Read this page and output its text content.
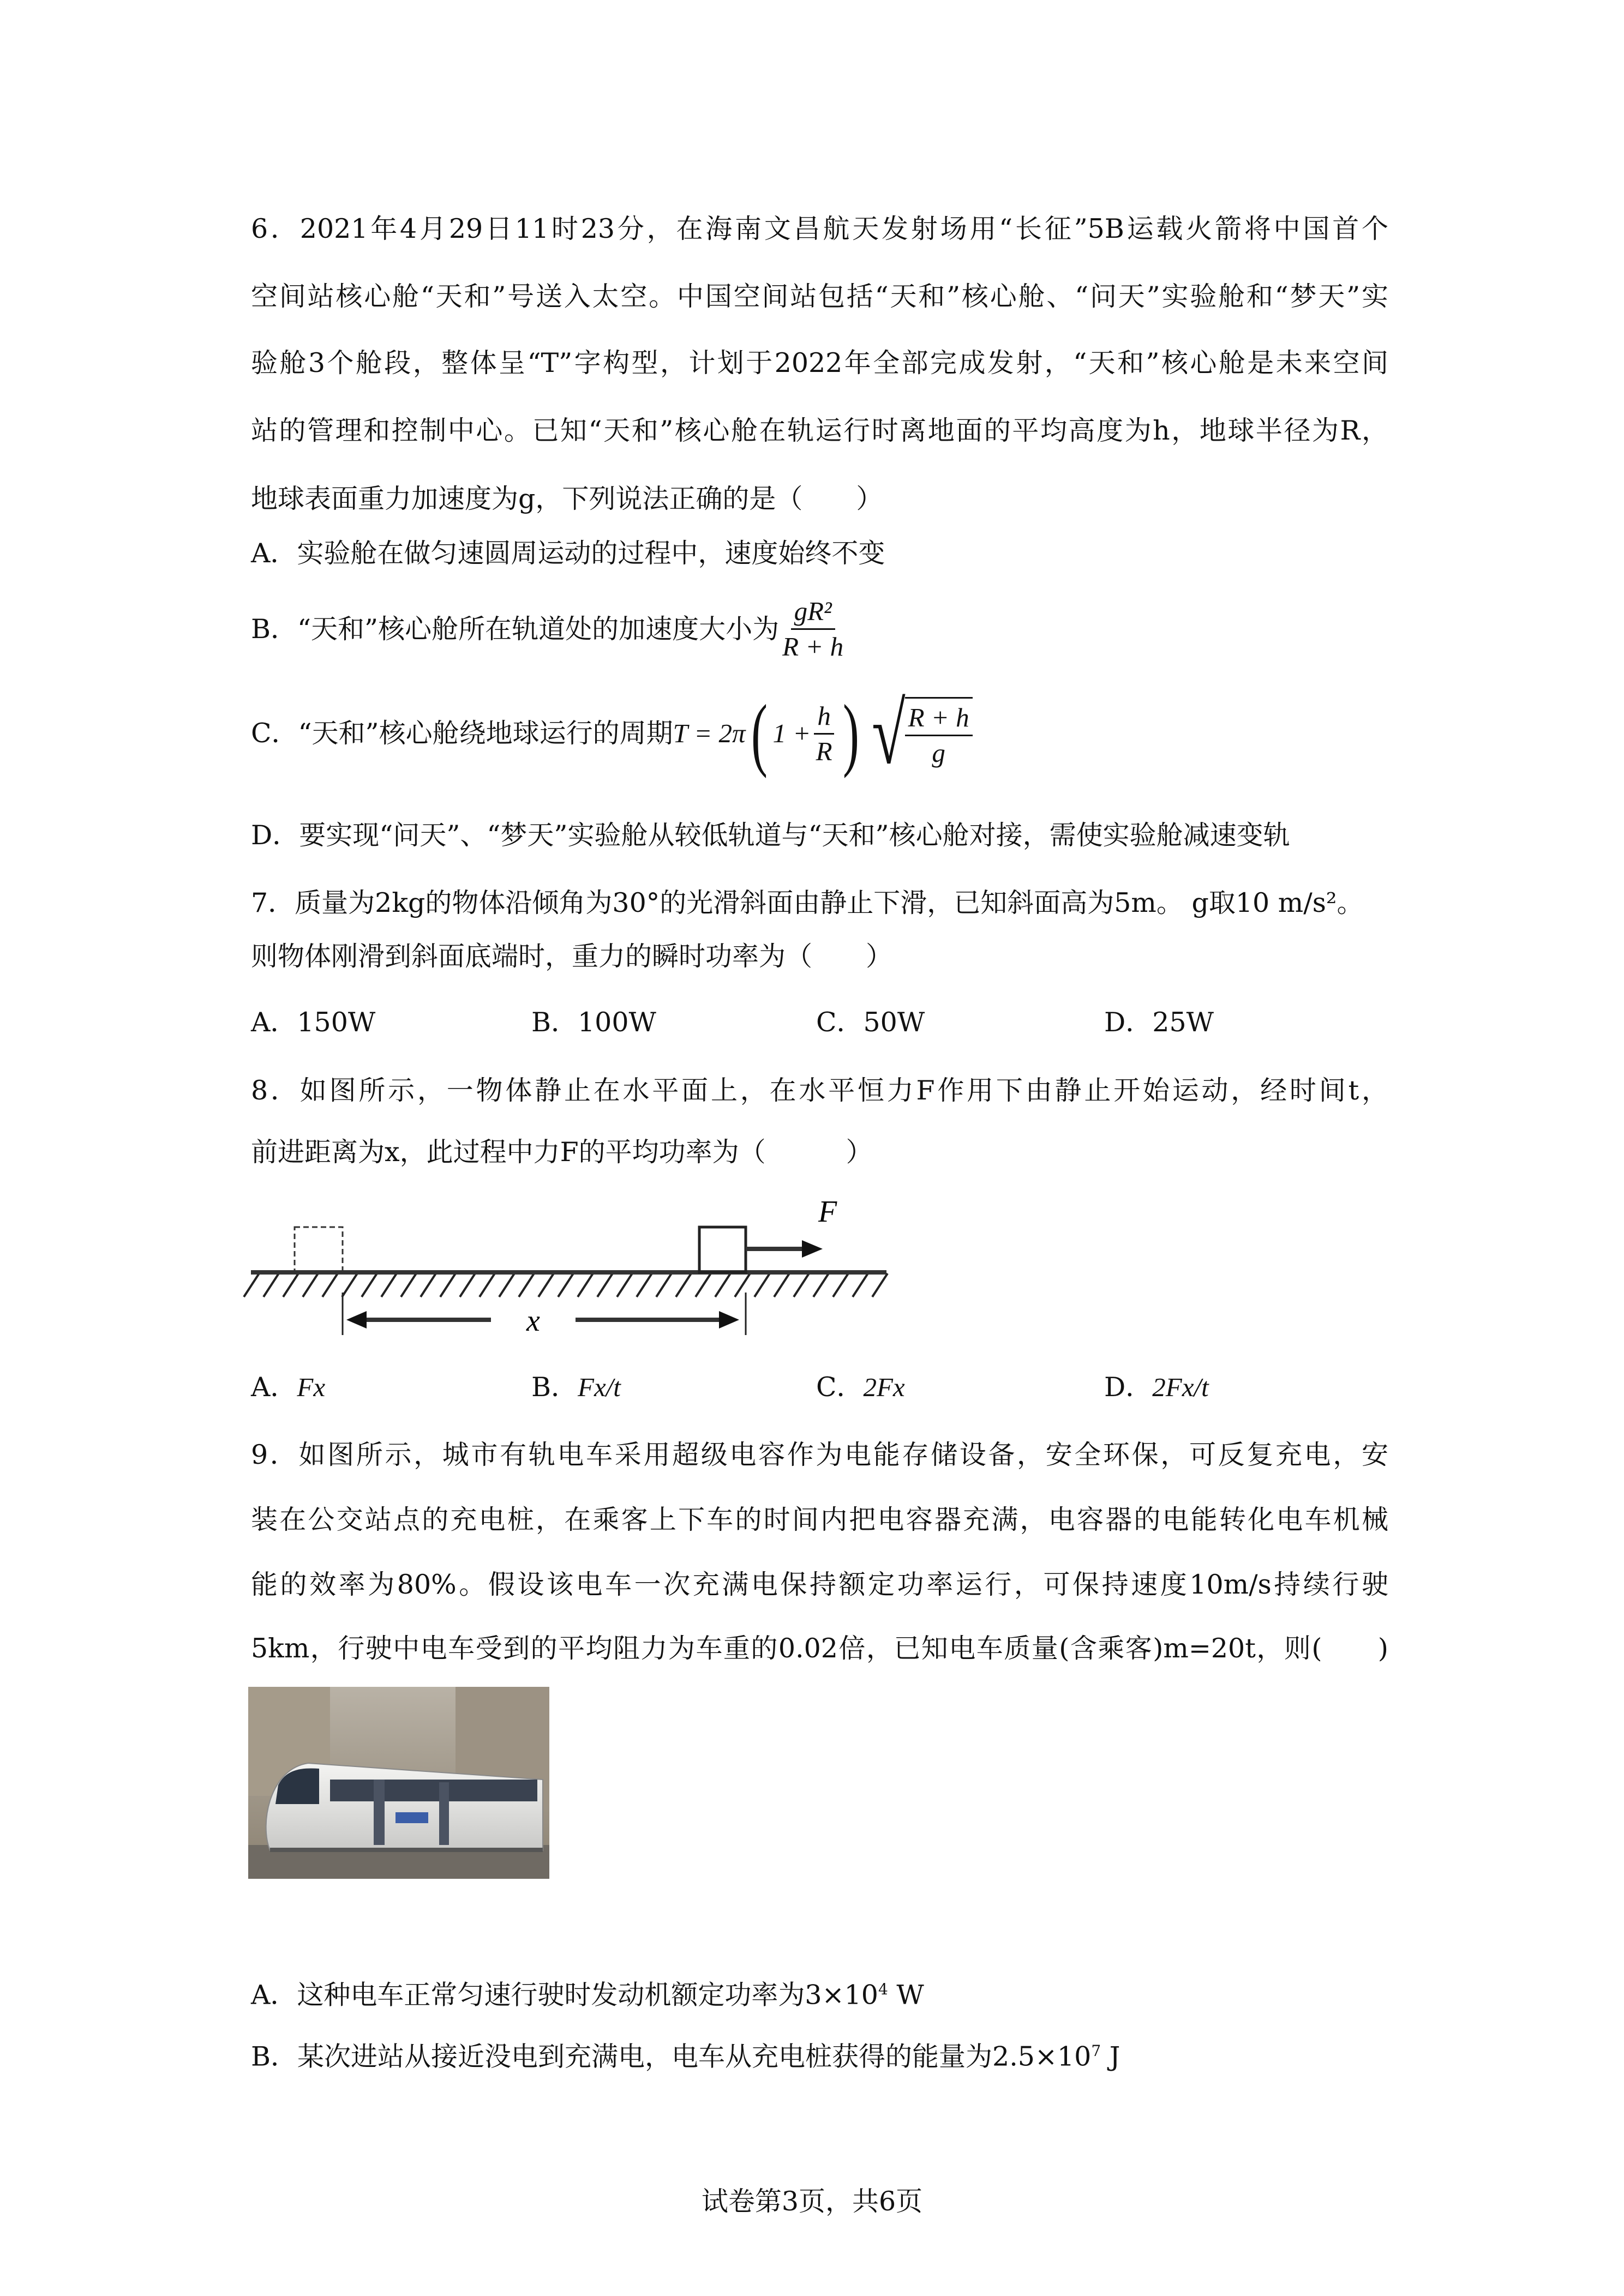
6．2021年4月29日11时23分，在海南文昌航天发射场用“长征”5B运载火箭将中国首个
空间站核心舱“天和”号送入太空。中国空间站包括“天和”核心舱、“问天”实验舱和“梦天”实
验舱3个舱段，整体呈“T”字构型，计划于2022年全部完成发射，“天和”核心舱是未来空间
站的管理和控制中心。已知“天和”核心舱在轨运行时离地面的平均高度为h，地球半径为R，
地球表面重力加速度为g，下列说法正确的是（　　）
A．实验舱在做匀速圆周运动的过程中，速度始终不变
B．“天和”核心舱所在轨道处的加速度大小为 $\frac{\text{gR²}}{R + h}$
C．“天和”核心舱绕地球运行的周期 T = 2π ( $1 + \frac{h}{R}$ ) √ $\frac{R + h}{g}$
D．要实现“问天”、“梦天”实验舱从较低轨道与“天和”核心舱对接，需使实验舱减速变轨
7．质量为2kg的物体沿倾角为30°的光滑斜面由静止下滑，已知斜面高为5m。 g取10 m/s²。
则物体刚滑到斜面底端时，重力的瞬时功率为（　　）
A．150W	B．100W	C．50W	D．25W
8．如图所示，一物体静止在水平面上，在水平恒力F作用下由静止开始运动，经时间t，
前进距离为x，此过程中力F的平均功率为（　　　）
F
x
A．Fx	B．Fx/t	C．2Fx	D．2Fx/t
9．如图所示，城市有轨电车采用超级电容作为电能存储设备，安全环保，可反复充电，安
装在公交站点的充电桩，在乘客上下车的时间内把电容器充满，电容器的电能转化电车机械
能的效率为80%。假设该电车一次充满电保持额定功率运行，可保持速度10m/s持续行驶
5km，行驶中电车受到的平均阻力为车重的0.02倍，已知电车质量(含乘客)m=20t，则(　　)
A．这种电车正常匀速行驶时发动机额定功率为$3\times 10^4$ W
B．某次进站从接近没电到充满电，电车从充电桩获得的能量为$2.5\times 10^7$ J
试卷第3页，共6页
